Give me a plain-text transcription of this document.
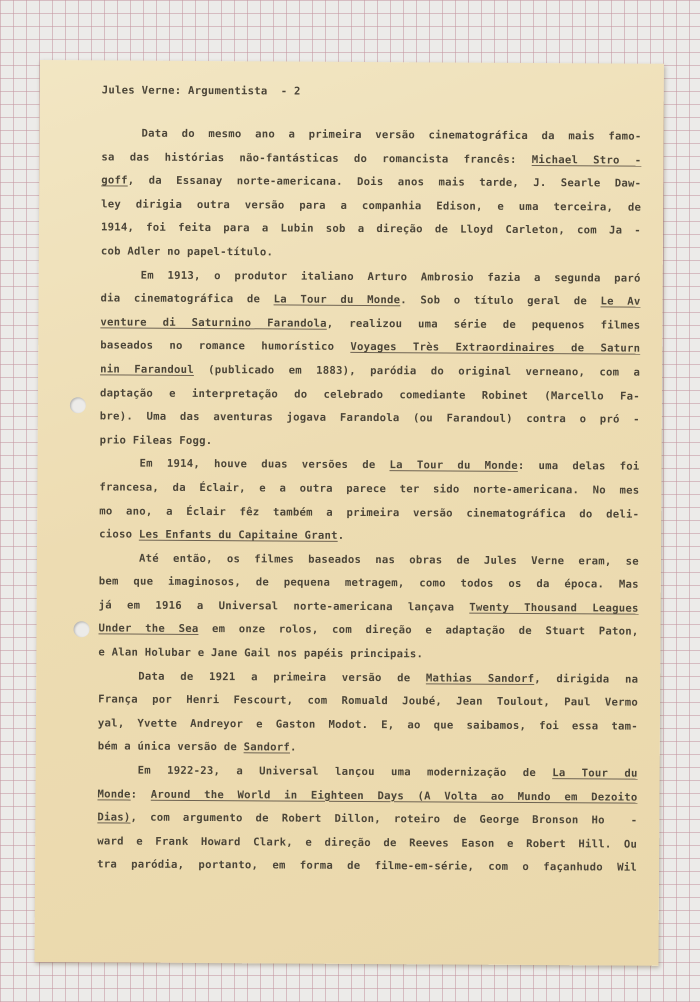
Jules Verne: Argumentista  - 2
Data do mesmo ano a primeira versão cinematográfica da mais famo-
sa das histórias não-fantásticas do romancista francês: Michael Stro -
goff, da Essanay norte-americana. Dois anos mais tarde, J. Searle Daw-
ley dirigia outra versão para a companhia Edison, e uma terceira, de
1914, foi feita para a Lubin sob a direção de Lloyd Carleton, com Ja -
cob Adler no papel-título.
Em 1913, o produtor italiano Arturo Ambrosio fazia a segunda paró
dia cinematográfica de La Tour du Monde. Sob o título geral de Le Av
venture di Saturnino Farandola, realizou uma série de pequenos filmes
baseados no romance humorístico Voyages Très Extraordinaires de Saturn
nin Farandoul (publicado em 1883), paródia do original verneano, com a
daptação e interpretação do celebrado comediante Robinet (Marcello Fa-
bre). Uma das aventuras jogava Farandola (ou Farandoul) contra o pró -
prio Fileas Fogg.
Em 1914, houve duas versões de La Tour du Monde: uma delas foi
francesa, da Éclair, e a outra parece ter sido norte-americana. No mes
mo ano, a Éclair fêz também a primeira versão cinematográfica do deli-
cioso Les Enfants du Capitaine Grant.
Até então, os filmes baseados nas obras de Jules Verne eram, se
bem que imaginosos, de pequena metragem, como todos os da época. Mas
já em 1916 a Universal norte-americana lançava Twenty Thousand Leagues
Under the Sea em onze rolos, com direção e adaptação de Stuart Paton,
e Alan Holubar e Jane Gail nos papéis principais.
Data de 1921 a primeira versão de Mathias Sandorf, dirigida na
França por Henri Fescourt, com Romuald Joubé, Jean Toulout, Paul Vermo
yal, Yvette Andreyor e Gaston Modot. E, ao que saibamos, foi essa tam-
bém a única versão de Sandorf.
Em 1922-23, a Universal lançou uma modernização de La Tour du
Monde: Around the World in Eighteen Days (A Volta ao Mundo em Dezoito
Dias), com argumento de Robert Dillon, roteiro de George Bronson Ho  -
ward e Frank Howard Clark, e direção de Reeves Eason e Robert Hill. Ou
tra paródia, portanto, em forma de filme-em-série, com o façanhudo Wil
